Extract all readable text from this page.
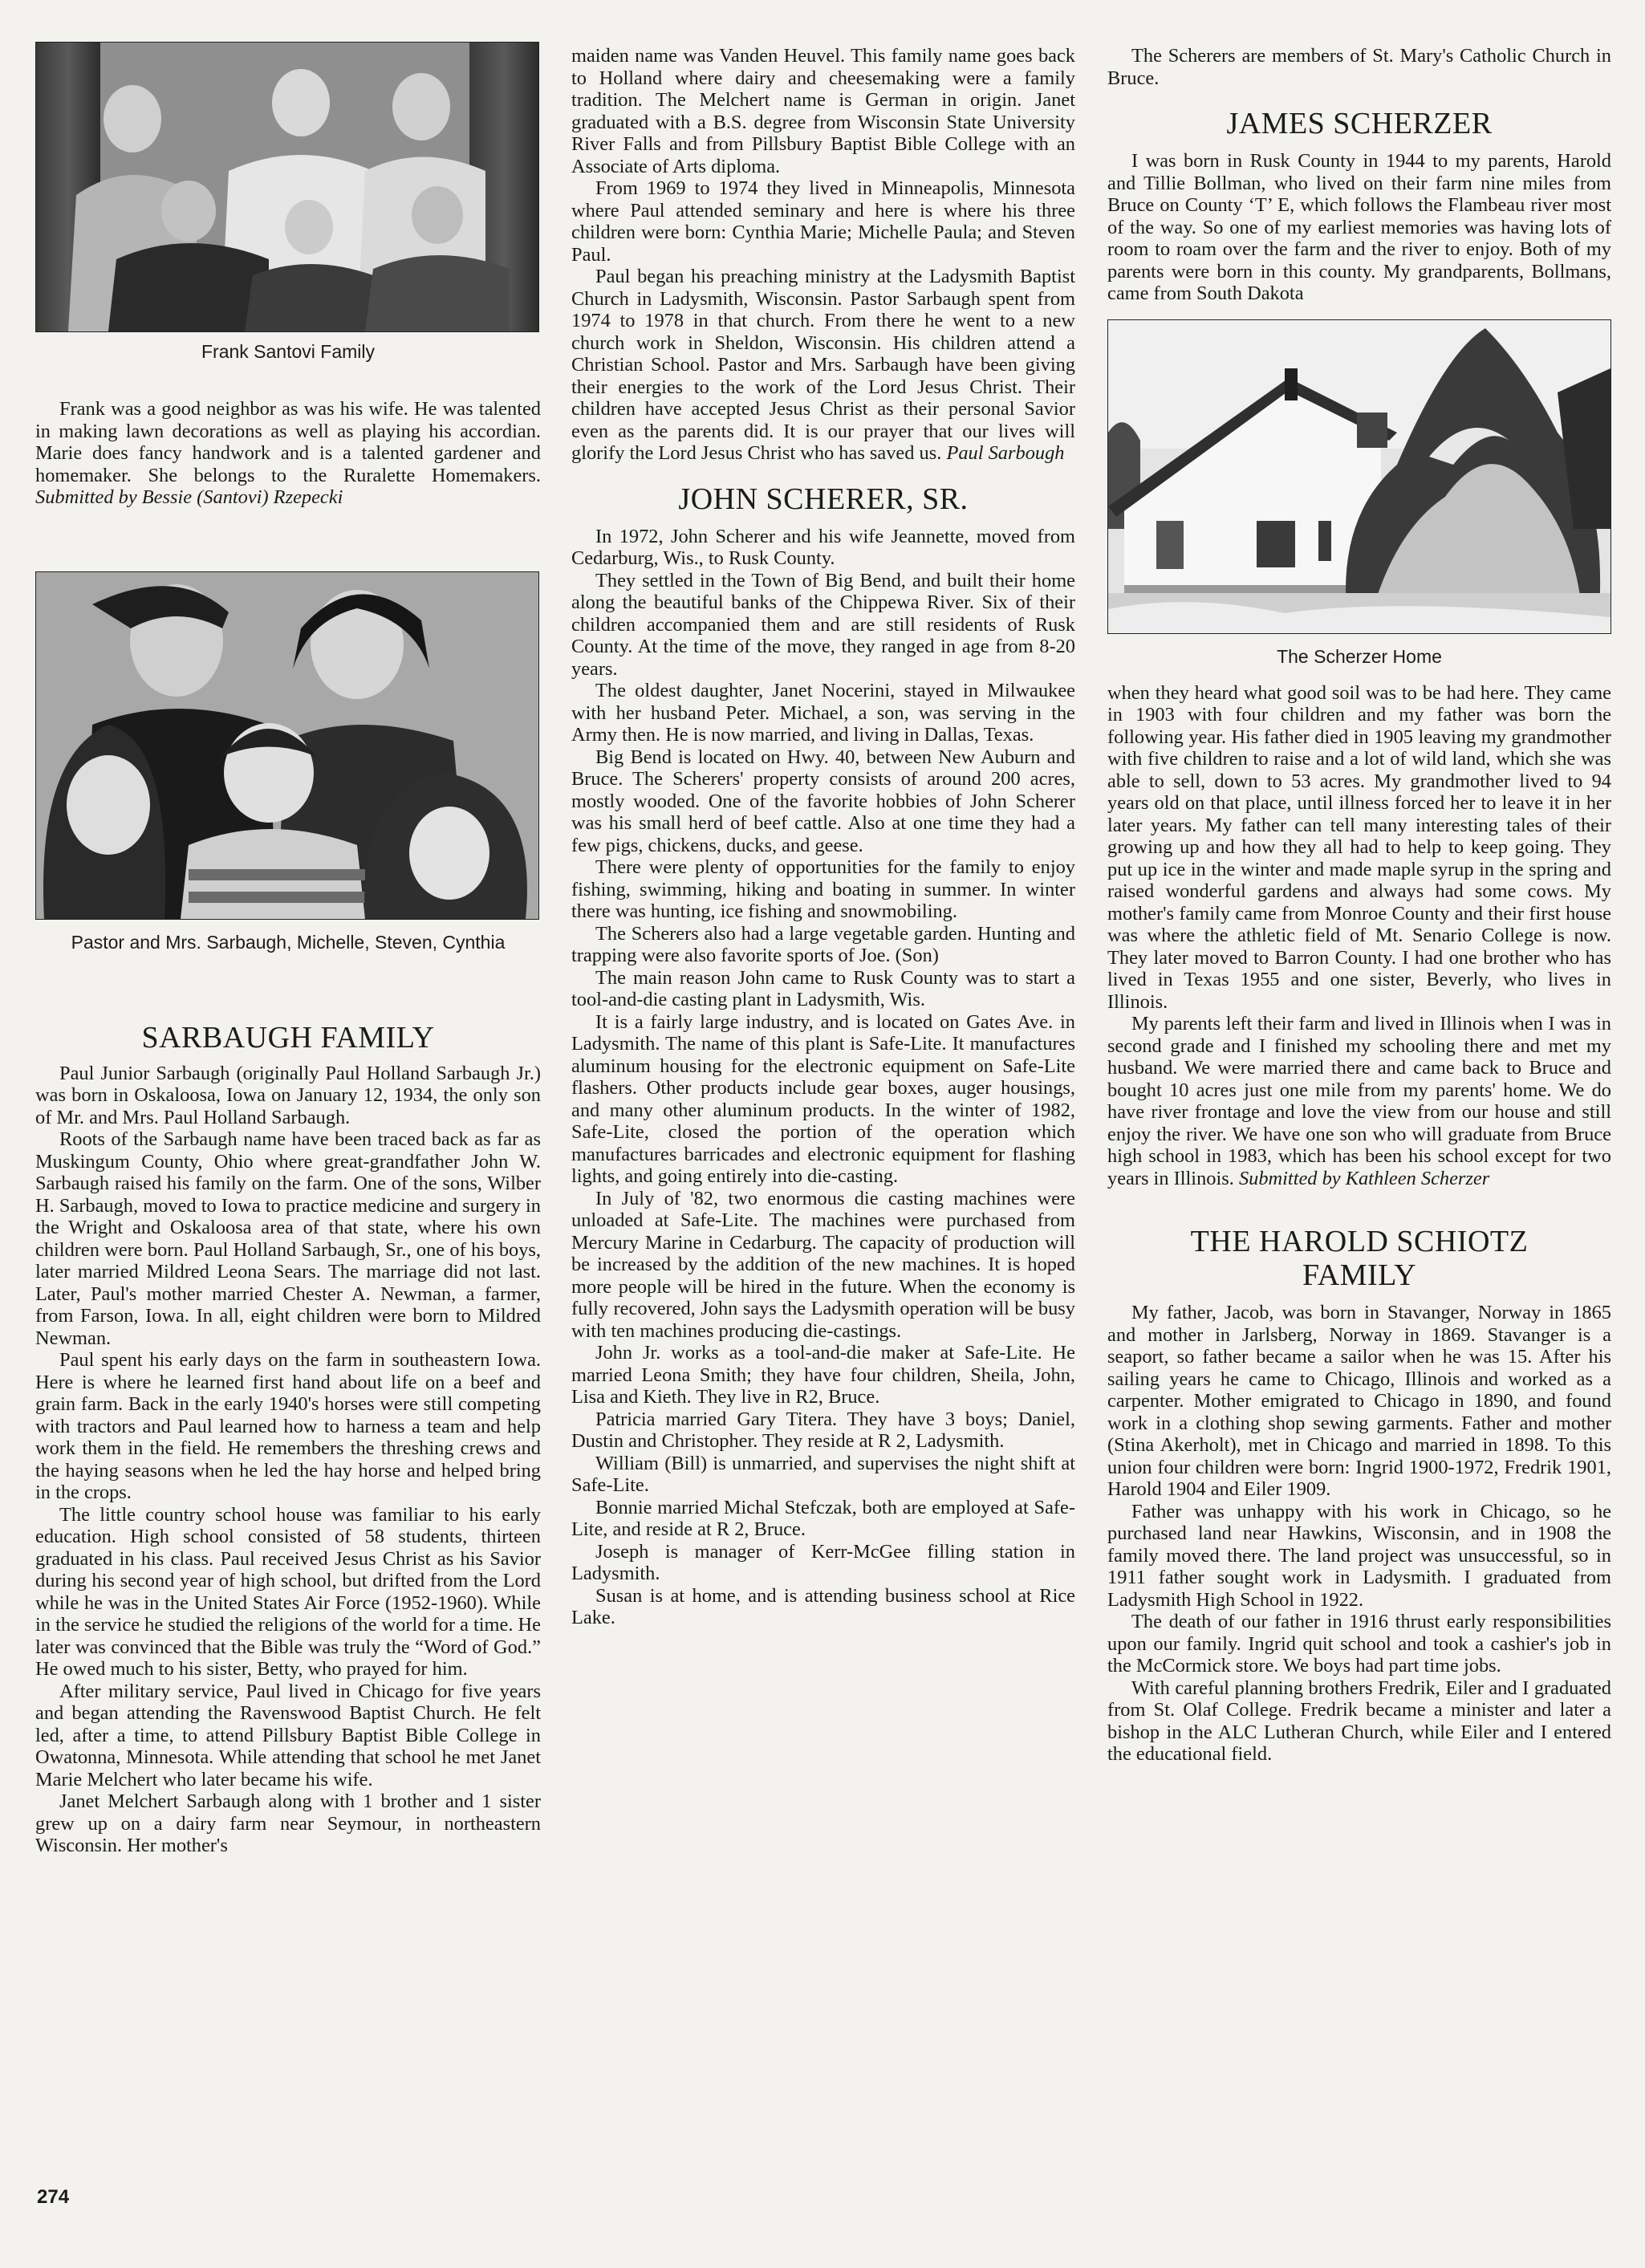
Frank Santovi Family

Frank was a good neighbor as was his wife. He was talented in making lawn decorations as well as playing his accordian. Marie does fancy handwork and is a talented gardener and homemaker. She belongs to the Ruralette Homemakers. Submitted by Bessie (Santovi) Rzepecki

Pastor and Mrs. Sarbaugh, Michelle, Steven, Cynthia
SARBAUGH FAMILY

Paul Junior Sarbaugh (originally Paul Holland Sarbaugh Jr.) was born in Oskaloosa, Iowa on January 12, 1934, the only son of Mr. and Mrs. Paul Holland Sarbaugh.

Roots of the Sarbaugh name have been traced back as far as Muskingum County, Ohio where great-grandfather John W. Sarbaugh raised his family on the farm. One of the sons, Wilber H. Sarbaugh, moved to Iowa to practice medicine and surgery in the Wright and Oskaloosa area of that state, where his own children were born. Paul Holland Sarbaugh, Sr., one of his boys, later married Mildred Leona Sears. The marriage did not last. Later, Paul's mother married Chester A. Newman, a farmer, from Farson, Iowa. In all, eight children were born to Mildred Newman.

Paul spent his early days on the farm in southeastern Iowa. Here is where he learned first hand about life on a beef and grain farm. Back in the early 1940's horses were still competing with tractors and Paul learned how to harness a team and help work them in the field. He remembers the threshing crews and the haying seasons when he led the hay horse and helped bring in the crops.

The little country school house was familiar to his early education. High school consisted of 58 students, thirteen graduated in his class. Paul received Jesus Christ as his Savior during his second year of high school, but drifted from the Lord while he was in the United States Air Force (1952-1960). While in the service he studied the religions of the world for a time. He later was convinced that the Bible was truly the “Word of God.” He owed much to his sister, Betty, who prayed for him.

After military service, Paul lived in Chicago for five years and began attending the Ravenswood Baptist Church. He felt led, after a time, to attend Pillsbury Baptist Bible College in Owatonna, Minnesota. While attending that school he met Janet Marie Melchert who later became his wife.

Janet Melchert Sarbaugh along with 1 brother and 1 sister grew up on a dairy farm near Seymour, in northeastern Wisconsin. Her mother's

maiden name was Vanden Heuvel. This family name goes back to Holland where dairy and cheesemaking were a family tradition. The Melchert name is German in origin. Janet graduated with a B.S. degree from Wisconsin State University River Falls and from Pillsbury Baptist Bible College with an Associate of Arts diploma.

From 1969 to 1974 they lived in Minneapolis, Minnesota where Paul attended seminary and here is where his three children were born: Cynthia Marie; Michelle Paula; and Steven Paul.

Paul began his preaching ministry at the Ladysmith Baptist Church in Ladysmith, Wisconsin. Pastor Sarbaugh spent from 1974 to 1978 in that church. From there he went to a new church work in Sheldon, Wisconsin. His children attend a Christian School. Pastor and Mrs. Sarbaugh have been giving their energies to the work of the Lord Jesus Christ. Their children have accepted Jesus Christ as their personal Savior even as the parents did. It is our prayer that our lives will glorify the Lord Jesus Christ who has saved us. Paul Sarbough

JOHN SCHERER, SR.

In 1972, John Scherer and his wife Jeannette, moved from Cedarburg, Wis., to Rusk County.

They settled in the Town of Big Bend, and built their home along the beautiful banks of the Chippewa River. Six of their children accompanied them and are still residents of Rusk County. At the time of the move, they ranged in age from 8-20 years.

The oldest daughter, Janet Nocerini, stayed in Milwaukee with her husband Peter. Michael, a son, was serving in the Army then. He is now married, and living in Dallas, Texas.

Big Bend is located on Hwy. 40, between New Auburn and Bruce. The Scherers' property consists of around 200 acres, mostly wooded. One of the favorite hobbies of John Scherer was his small herd of beef cattle. Also at one time they had a few pigs, chickens, ducks, and geese.

There were plenty of opportunities for the family to enjoy fishing, swimming, hiking and boating in summer. In winter there was hunting, ice fishing and snowmobiling.

The Scherers also had a large vegetable garden. Hunting and trapping were also favorite sports of Joe. (Son)

The main reason John came to Rusk County was to start a tool-and-die casting plant in Ladysmith, Wis.

It is a fairly large industry, and is located on Gates Ave. in Ladysmith. The name of this plant is Safe-Lite. It manufactures aluminum housing for the electronic equipment on Safe-Lite flashers. Other products include gear boxes, auger housings, and many other aluminum products. In the winter of 1982, Safe-Lite, closed the portion of the operation which manufactures barricades and electronic equipment for flashing lights, and going entirely into die-casting.

In July of '82, two enormous die casting machines were unloaded at Safe-Lite. The machines were purchased from Mercury Marine in Cedarburg. The capacity of production will be increased by the addition of the new machines. It is hoped more people will be hired in the future. When the economy is fully recovered, John says the Ladysmith operation will be busy with ten machines producing die-castings.

John Jr. works as a tool-and-die maker at Safe-Lite. He married Leona Smith; they have four children, Sheila, John, Lisa and Kieth. They live in R2, Bruce.

Patricia married Gary Titera. They have 3 boys; Daniel, Dustin and Christopher. They reside at R 2, Ladysmith.

William (Bill) is unmarried, and supervises the night shift at Safe-Lite.

Bonnie married Michal Stefczak, both are employed at Safe-Lite, and reside at R 2, Bruce.

Joseph is manager of Kerr-McGee filling station in Ladysmith.

Susan is at home, and is attending business school at Rice Lake.

The Scherers are members of St. Mary's Catholic Church in Bruce.

JAMES SCHERZER

I was born in Rusk County in 1944 to my parents, Harold and Tillie Bollman, who lived on their farm nine miles from Bruce on County ‘T’ E, which follows the Flambeau river most of the way. So one of my earliest memories was having lots of room to roam over the farm and the river to enjoy. Both of my parents were born in this county. My grandparents, Bollmans, came from South Dakota

The Scherzer Home

when they heard what good soil was to be had here. They came in 1903 with four children and my father was born the following year. His father died in 1905 leaving my grandmother with five children to raise and a lot of wild land, which she was able to sell, down to 53 acres. My grandmother lived to 94 years old on that place, until illness forced her to leave it in her later years. My father can tell many interesting tales of their growing up and how they all had to help to keep going. They put up ice in the winter and made maple syrup in the spring and raised wonderful gardens and always had some cows. My mother's family came from Monroe County and their first house was where the athletic field of Mt. Senario College is now. They later moved to Barron County. I had one brother who has lived in Texas 1955 and one sister, Beverly, who lives in Illinois.

My parents left their farm and lived in Illinois when I was in second grade and I finished my schooling there and met my husband. We were married there and came back to Bruce and bought 10 acres just one mile from my parents' home. We do have river frontage and love the view from our house and still enjoy the river. We have one son who will graduate from Bruce high school in 1983, which has been his school except for two years in Illinois. Submitted by Kathleen Scherzer

THE HAROLD SCHIOTZ
FAMILY

My father, Jacob, was born in Stavanger, Norway in 1865 and mother in Jarlsberg, Norway in 1869. Stavanger is a seaport, so father became a sailor when he was 15. After his sailing years he came to Chicago, Illinois and worked as a carpenter. Mother emigrated to Chicago in 1890, and found work in a clothing shop sewing garments. Father and mother (Stina Akerholt), met in Chicago and married in 1898. To this union four children were born: Ingrid 1900-1972, Fredrik 1901, Harold 1904 and Eiler 1909.

Father was unhappy with his work in Chicago, so he purchased land near Hawkins, Wisconsin, and in 1908 the family moved there. The land project was unsuccessful, so in 1911 father sought work in Ladysmith. I graduated from Ladysmith High School in 1922.

The death of our father in 1916 thrust early responsibilities upon our family. Ingrid quit school and took a cashier's job in the McCormick store. We boys had part time jobs.

With careful planning brothers Fredrik, Eiler and I graduated from St. Olaf College. Fredrik became a minister and later a bishop in the ALC Lutheran Church, while Eiler and I entered the educational field.

274
